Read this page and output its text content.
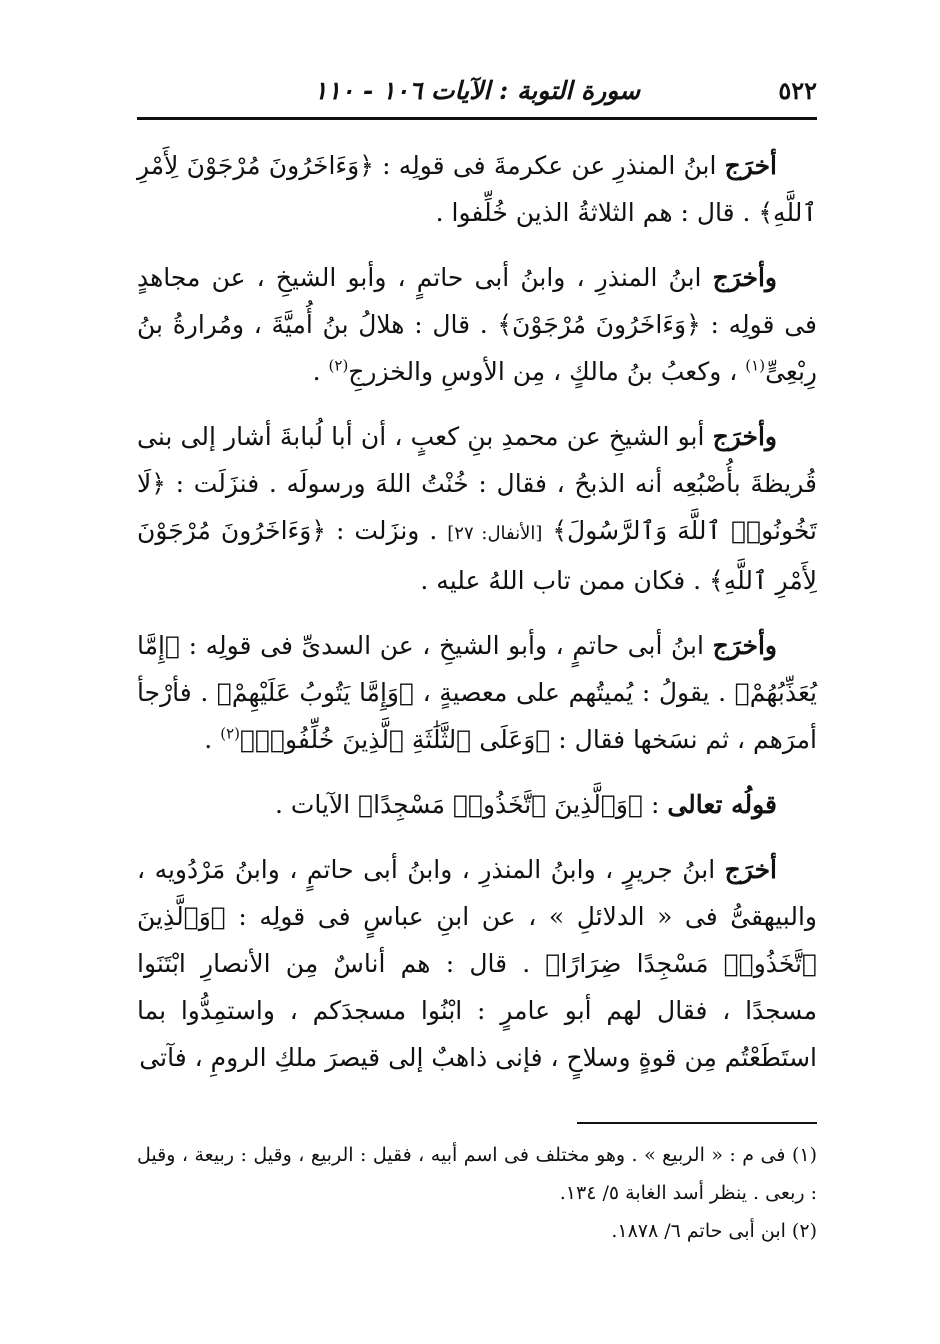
٥٢٢
سورة التوبة : الآيات ١٠٦ - ١١٠

أخرَج ابنُ المنذرِ عن عكرمةَ فى قولِه : ﴿وَءَاخَرُونَ مُرْجَوْنَ لِأَمْرِ ٱللَّهِ﴾ . قال : هم الثلاثةُ الذين خُلِّفوا .

وأخرَج ابنُ المنذرِ ، وابنُ أبى حاتمٍ ، وأبو الشيخِ ، عن مجاهدٍ فى قولِه : ﴿وَءَاخَرُونَ مُرْجَوْنَ﴾ . قال : هلالُ بنُ أُميَّةَ ، ومُرارةُ بنُ رِبْعِىٍّ$^{(١)}$ ، وكعبُ بنُ مالكٍ ، مِن الأوسِ والخزرجِ$^{(٢)}$ .

وأخرَج أبو الشيخِ عن محمدِ بنِ كعبٍ ، أن أبا لُبابةَ أشار إلى بنى قُريظةَ بأُصْبُعِه أنه الذبحُ ، فقال : خُنْتُ اللهَ ورسولَه . فنزَلَت : ﴿لَا تَخُونُوا۟ ٱللَّهَ وَٱلرَّسُولَ﴾ [الأنفال: ٢٧] . ونزَلت : ﴿وَءَاخَرُونَ مُرْجَوْنَ لِأَمْرِ ٱللَّهِ﴾ . فكان ممن تاب اللهُ عليه .

وأخرَج ابنُ أبى حاتمٍ ، وأبو الشيخِ ، عن السدىِّ فى قولِه : ﴿إِمَّا يُعَذِّبُهُمْ﴾ . يقولُ : يُميتُهم على معصيةٍ ، ﴿وَإِمَّا يَتُوبُ عَلَيْهِمْ﴾ . فأرْجأ أمرَهم ، ثم نسَخها فقال : ﴿وَعَلَى ٱلثَّلَٰثَةِ ٱلَّذِينَ خُلِّفُوا۟﴾$^{(٢)}$ .

قولُه تعالى : ﴿وَٱلَّذِينَ ٱتَّخَذُوا۟ مَسْجِدًا﴾ الآيات .

أخرَج ابنُ جريرٍ ، وابنُ المنذرِ ، وابنُ أبى حاتمٍ ، وابنُ مَرْدُويه ، والبيهقىُّ فى « الدلائلِ » ، عن ابنِ عباسٍ فى قولِه : ﴿وَٱلَّذِينَ ٱتَّخَذُوا۟ مَسْجِدًا ضِرَارًا﴾ . قال : هم أناسٌ مِن الأنصارِ ابْتَنَوا مسجدًا ، فقال لهم أبو عامرٍ : ابْنُوا مسجدَكم ، واستمِدُّوا بما استَطَعْتُم مِن قوةٍ وسلاحٍ ، فإنى ذاهبٌ إلى قيصرَ ملكِ الرومِ ، فآتى

(١) فى م : « الربيع » . وهو مختلف فى اسم أبيه ، فقيل : الربيع ، وقيل : ربيعة ، وقيل : ربعى . ينظر أسد الغابة ٥/ ١٣٤.

(٢) ابن أبى حاتم ٦/ ١٨٧٨.
